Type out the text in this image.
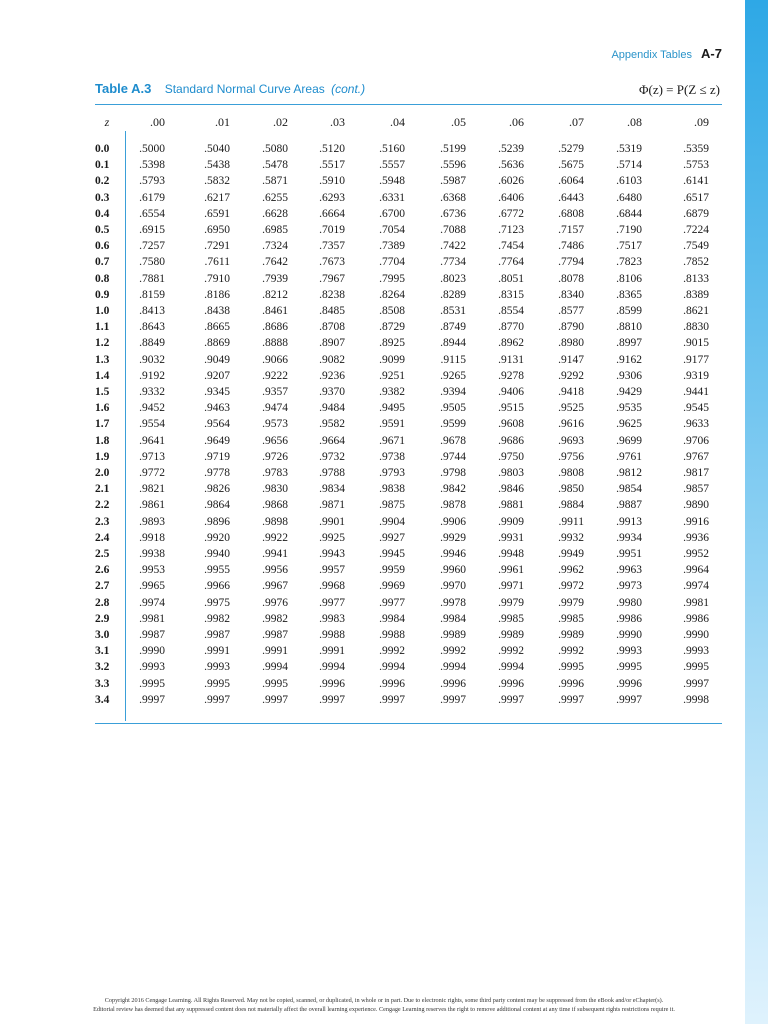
Appendix Tables A-7
Table A.3 Standard Normal Curve Areas (cont.)	Φ(z) = P(Z ≤ z)
z	.00	.01	.02	.03	.04	.05	.06	.07	.08	.09
0.0	.5000	.5040	.5080	.5120	.5160	.5199	.5239	.5279	.5319	.5359
0.1	.5398	.5438	.5478	.5517	.5557	.5596	.5636	.5675	.5714	.5753
0.2	.5793	.5832	.5871	.5910	.5948	.5987	.6026	.6064	.6103	.6141
0.3	.6179	.6217	.6255	.6293	.6331	.6368	.6406	.6443	.6480	.6517
0.4	.6554	.6591	.6628	.6664	.6700	.6736	.6772	.6808	.6844	.6879
0.5	.6915	.6950	.6985	.7019	.7054	.7088	.7123	.7157	.7190	.7224
0.6	.7257	.7291	.7324	.7357	.7389	.7422	.7454	.7486	.7517	.7549
0.7	.7580	.7611	.7642	.7673	.7704	.7734	.7764	.7794	.7823	.7852
0.8	.7881	.7910	.7939	.7967	.7995	.8023	.8051	.8078	.8106	.8133
0.9	.8159	.8186	.8212	.8238	.8264	.8289	.8315	.8340	.8365	.8389
1.0	.8413	.8438	.8461	.8485	.8508	.8531	.8554	.8577	.8599	.8621
1.1	.8643	.8665	.8686	.8708	.8729	.8749	.8770	.8790	.8810	.8830
1.2	.8849	.8869	.8888	.8907	.8925	.8944	.8962	.8980	.8997	.9015
1.3	.9032	.9049	.9066	.9082	.9099	.9115	.9131	.9147	.9162	.9177
1.4	.9192	.9207	.9222	.9236	.9251	.9265	.9278	.9292	.9306	.9319
1.5	.9332	.9345	.9357	.9370	.9382	.9394	.9406	.9418	.9429	.9441
1.6	.9452	.9463	.9474	.9484	.9495	.9505	.9515	.9525	.9535	.9545
1.7	.9554	.9564	.9573	.9582	.9591	.9599	.9608	.9616	.9625	.9633
1.8	.9641	.9649	.9656	.9664	.9671	.9678	.9686	.9693	.9699	.9706
1.9	.9713	.9719	.9726	.9732	.9738	.9744	.9750	.9756	.9761	.9767
2.0	.9772	.9778	.9783	.9788	.9793	.9798	.9803	.9808	.9812	.9817
2.1	.9821	.9826	.9830	.9834	.9838	.9842	.9846	.9850	.9854	.9857
2.2	.9861	.9864	.9868	.9871	.9875	.9878	.9881	.9884	.9887	.9890
2.3	.9893	.9896	.9898	.9901	.9904	.9906	.9909	.9911	.9913	.9916
2.4	.9918	.9920	.9922	.9925	.9927	.9929	.9931	.9932	.9934	.9936
2.5	.9938	.9940	.9941	.9943	.9945	.9946	.9948	.9949	.9951	.9952
2.6	.9953	.9955	.9956	.9957	.9959	.9960	.9961	.9962	.9963	.9964
2.7	.9965	.9966	.9967	.9968	.9969	.9970	.9971	.9972	.9973	.9974
2.8	.9974	.9975	.9976	.9977	.9977	.9978	.9979	.9979	.9980	.9981
2.9	.9981	.9982	.9982	.9983	.9984	.9984	.9985	.9985	.9986	.9986
3.0	.9987	.9987	.9987	.9988	.9988	.9989	.9989	.9989	.9990	.9990
3.1	.9990	.9991	.9991	.9991	.9992	.9992	.9992	.9992	.9993	.9993
3.2	.9993	.9993	.9994	.9994	.9994	.9994	.9994	.9995	.9995	.9995
3.3	.9995	.9995	.9995	.9996	.9996	.9996	.9996	.9996	.9996	.9997
3.4	.9997	.9997	.9997	.9997	.9997	.9997	.9997	.9997	.9997	.9998
Copyright 2016 Cengage Learning. All Rights Reserved. May not be copied, scanned, or duplicated, in whole or in part. Due to electronic rights, some third party content may be suppressed from the eBook and/or eChapter(s).
Editorial review has deemed that any suppressed content does not materially affect the overall learning experience. Cengage Learning reserves the right to remove additional content at any time if subsequent rights restrictions require it.
